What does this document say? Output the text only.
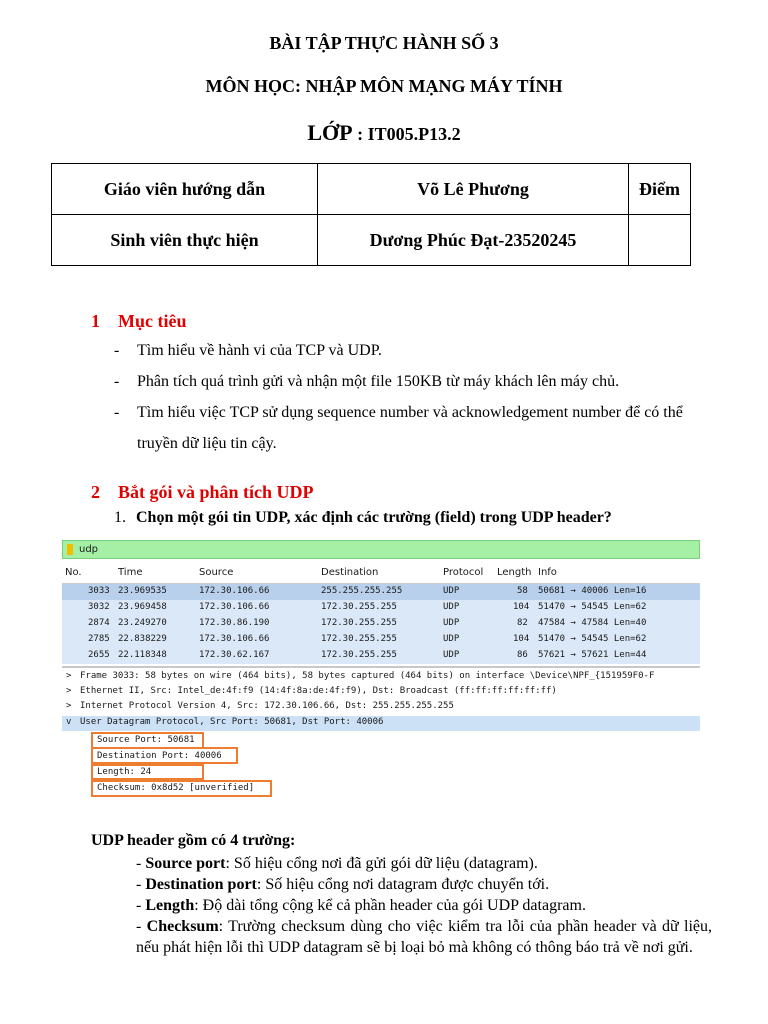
BÀI TẬP THỰC HÀNH SỐ 3
MÔN HỌC: NHẬP MÔN MẠNG MÁY TÍNH
LỚP : IT005.P13.2
Giáo viên hướng dẫn	Võ Lê Phương	Điểm
Sinh viên thực hiện	Dương Phúc Đạt-23520245	
1 Mục tiêu
- Tìm hiểu về hành vi của TCP và UDP.
- Phân tích quá trình gửi và nhận một file 150KB từ máy khách lên máy chủ.
- Tìm hiểu việc TCP sử dụng sequence number và acknowledgement number để có thể truyền dữ liệu tin cậy.
2 Bắt gói và phân tích UDP
1. Chọn một gói tin UDP, xác định các trường (field) trong UDP header?
udp
No.	Time	Source	Destination	Protocol Length Info
3033 23.969535	172.30.106.66	255.255.255.255	UDP	58 50681 → 40006 Len=16
3032 23.969458	172.30.106.66	172.30.255.255	UDP	104 51470 → 54545 Len=62
2874 23.249270	172.30.86.190	172.30.255.255	UDP	82 47584 → 47584 Len=40
2785 22.838229	172.30.106.66	172.30.255.255	UDP	104 51470 → 54545 Len=62
2655 22.118348	172.30.62.167	172.30.255.255	UDP	86 57621 → 57621 Len=44
> Frame 3033: 58 bytes on wire (464 bits), 58 bytes captured (464 bits) on interface \Device\NPF_{151959F0-F
> Ethernet II, Src: Intel_de:4f:f9 (14:4f:8a:de:4f:f9), Dst: Broadcast (ff:ff:ff:ff:ff:ff)
> Internet Protocol Version 4, Src: 172.30.106.66, Dst: 255.255.255.255
v User Datagram Protocol, Src Port: 50681, Dst Port: 40006
Source Port: 50681
Destination Port: 40006
Length: 24
Checksum: 0x8d52 [unverified]
UDP header gồm có 4 trường:
- Source port: Số hiệu cổng nơi đã gửi gói dữ liệu (datagram).
- Destination port: Số hiệu cổng nơi datagram được chuyển tới.
- Length: Độ dài tổng cộng kể cả phần header của gói UDP datagram.
- Checksum: Trường checksum dùng cho việc kiểm tra lỗi của phần header và dữ liệu, nếu phát hiện lỗi thì UDP datagram sẽ bị loại bỏ mà không có thông báo trả về nơi gửi.
